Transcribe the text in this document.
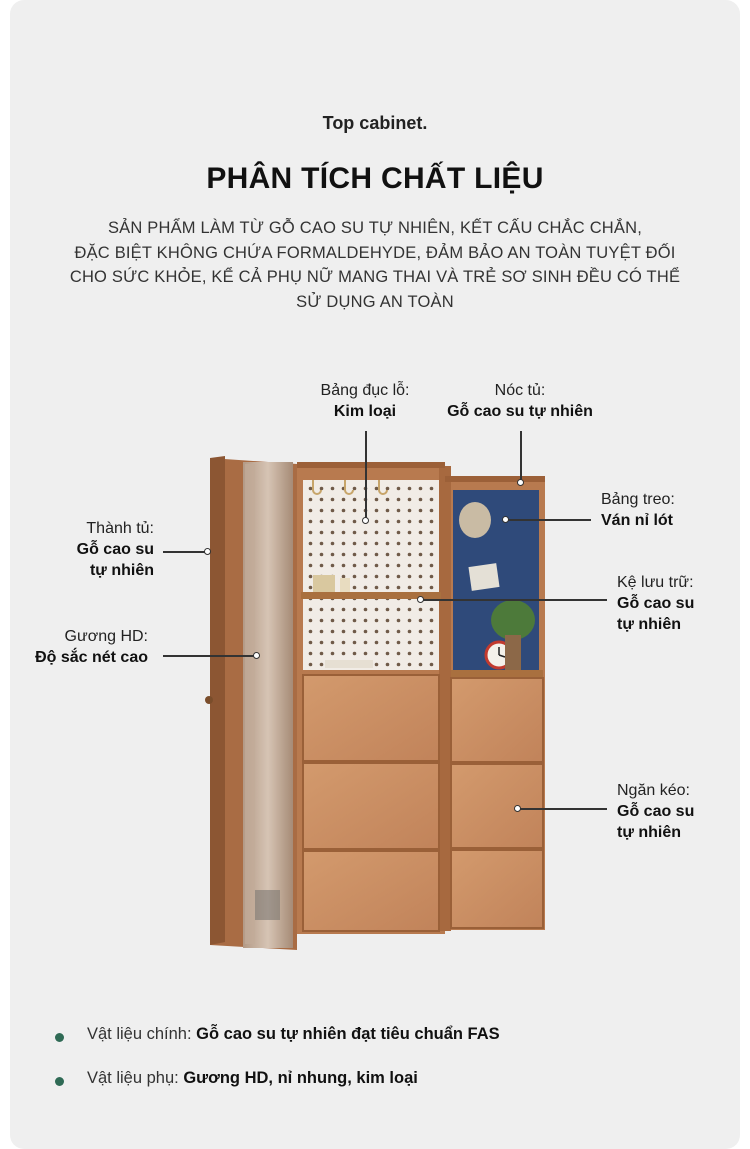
Top cabinet.
PHÂN TÍCH CHẤT LIỆU
SẢN PHẨM LÀM TỪ GỖ CAO SU TỰ NHIÊN, KẾT CẤU CHẮC CHẮN,
ĐẶC BIỆT KHÔNG CHỨA FORMALDEHYDE, ĐẢM BẢO AN TOÀN TUYỆT ĐỐI
CHO SỨC KHỎE, KỂ CẢ PHỤ NỮ MANG THAI VÀ TRẺ SƠ SINH ĐỀU CÓ THỂ
SỬ DỤNG AN TOÀN
Bảng đục lỗ:
Kim loại
Nóc tủ:
Gỗ cao su tự nhiên
Bảng treo:
Ván nỉ lót
Thành tủ:
Gỗ cao su
tự nhiên
Kệ lưu trữ:
Gỗ cao su
tự nhiên
Gương HD:
Độ sắc nét cao
Ngăn kéo:
Gỗ cao su
tự nhiên
Vật liệu chính: Gỗ cao su tự nhiên đạt tiêu chuẩn FAS
Vật liệu phụ: Gương HD, nỉ nhung, kim loại
